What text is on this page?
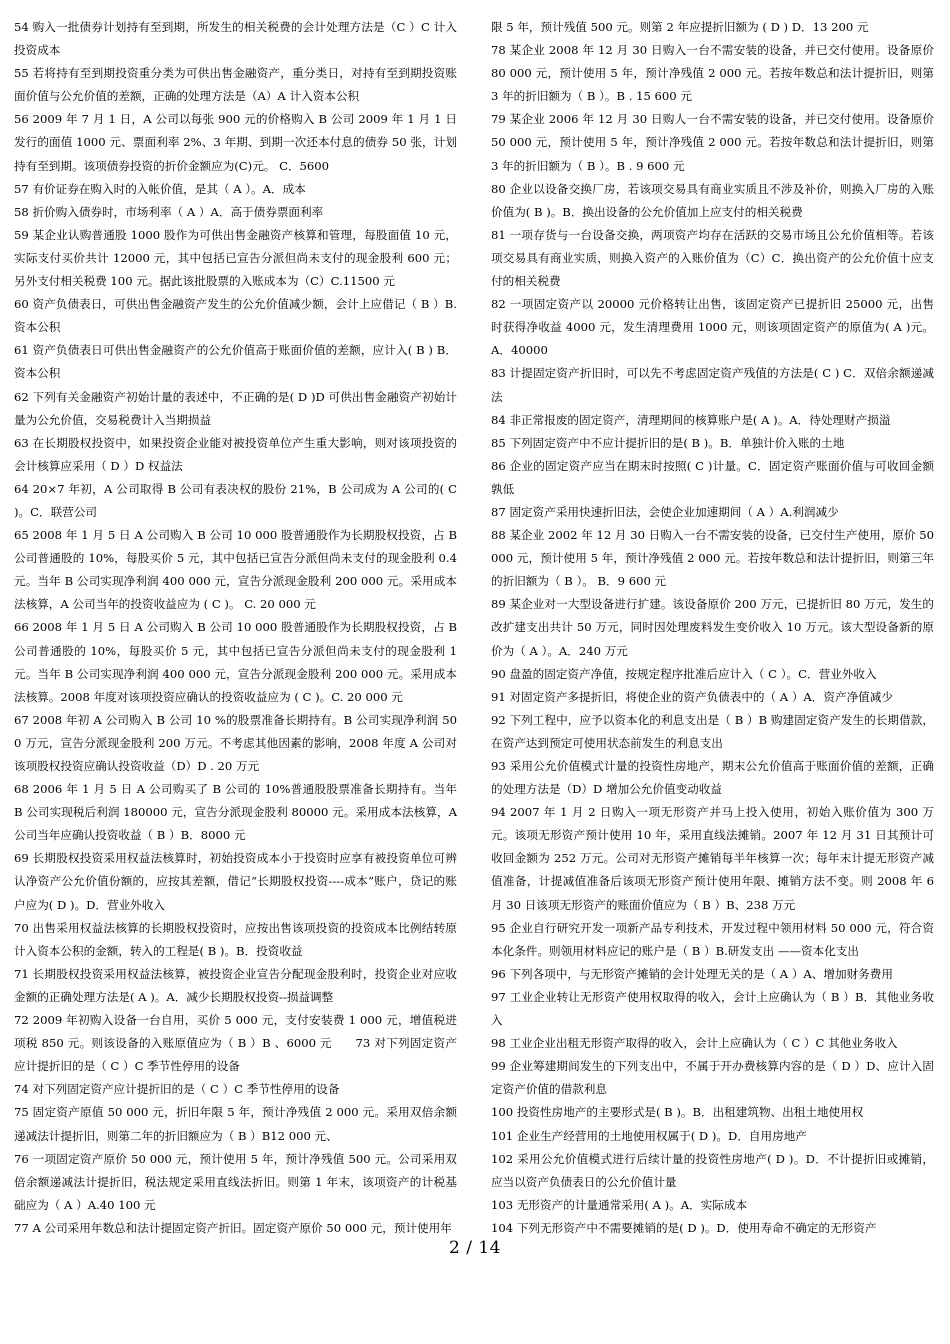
54 购入一批债券计划持有至到期，所发生的相关税费的会计处理方法是（C ）C 计入投资成本

55 若将持有至到期投资重分类为可供出售金融资产，重分类日，对持有至到期投资账面价值与公允价值的差额，正确的处理方法是（A）A 计入资本公积

56 2009 年 7 月 1 日，A 公司以每张 900 元的价格购入 B 公司 2009 年 1 月 1 日发行的面值 1000 元、票面利率 2%、3 年期、到期一次还本付息的债券 50 张，计划持有至到期。该项债券投资的折价金额应为(C)元。 C．5600

57 有价证券在购入时的入帐价值，是其（ A ）。A．成本

58 折价购入债券时，市场利率（ A ）A．高于债券票面利率

59 某企业认购普通股 1000 股作为可供出售金融资产核算和管理，每股面值 10 元，实际支付买价共计 12000 元，其中包括已宣告分派但尚未支付的现金股利 600 元；另外支付相关税费 100 元。据此该批股票的入账成本为（C）C.11500 元

60 资产负债表日，可供出售金融资产发生的公允价值减少额，会计上应借记（ B ）B.资本公积

61 资产负债表日可供出售金融资产的公允价值高于账面价值的差额，应计入( B ) B．资本公积

62 下列有关金融资产初始计量的表述中，不正确的是( D )D 可供出售金融资产初始计量为公允价值，交易税费计入当期损益

63 在长期股权投资中，如果投资企业能对被投资单位产生重大影响，则对该项投资的会计核算应采用（ D ）D 权益法

64 20×7 年初，A 公司取得 B 公司有表决权的股份 21%，B 公司成为 A 公司的( C )。C．联营公司

65 2008 年 1 月 5 日 A 公司购入 B 公司 10 000 股普通股作为长期股权投资，占 B 公司普通股的 10%，每股买价 5 元，其中包括已宣告分派但尚未支付的现金股利 0.4 元。当年 B 公司实现净利润 400 000 元，宣告分派现金股利 200 000 元。采用成本法核算，A 公司当年的投资收益应为 ( C )。 C. 20 000 元

66 2008 年 1 月 5 日 A 公司购入 B 公司 10 000 股普通股作为长期股权投资，占 B 公司普通股的 10%，每股买价 5 元，其中包括已宣告分派但尚未支付的现金股利 1 元。当年 B 公司实现净利润 400 000 元，宣告分派现金股利 200 000 元。采用成本法核算。2008 年度对该项投资应确认的投资收益应为 ( C )。C. 20 000 元

67 2008 年初 A 公司购入 B 公司 10 %的股票准备长期持有。B 公司实现净利润 500 万元，宣告分派现金股利 200 万元。不考虑其他因素的影响，2008 年度 A 公司对该项股权投资应确认投资收益（D）D . 20 万元

68 2006 年 1 月 5 日 A 公司购买了 B 公司的 10%普通股股票准备长期持有。当年 B 公司实现税后利润 180000 元，宣告分派现金股利 80000 元。采用成本法核算，A 公司当年应确认投资收益（ B ）B．8000 元

69 长期股权投资采用权益法核算时，初始投资成本小于投资时应享有被投资单位可辨认净资产公允价值份额的，应按其差额，借记“长期股权投资----成本”账户，贷记的账户应为( D )。D．营业外收入

70 出售采用权益法核算的长期股权投资时，应按出售该项投资的投资成本比例结转原计入资本公积的金额，转入的工程是( B )。B．投资收益

71 长期股权投资采用权益法核算，被投资企业宣告分配现金股利时，投资企业对应收金额的正确处理方法是( A )。A．减少长期股权投资--损益调整

72 2009 年初购入设备一台自用，买价 5 000 元，支付安装费 1 000 元，增值税进项税 850 元。则该设备的入账原值应为（ B ）B 、6000 元　　73 对下列固定资产应计提折旧的是（ C ）C 季节性停用的设备

74 对下列固定资产应计提折旧的是（ C ）C 季节性停用的设备

75 固定资产原值 50 000 元，折旧年限 5 年，预计净残值 2 000 元。采用双倍余额递减法计提折旧，则第二年的折旧额应为（ B ）B12 000 元、

76 一项固定资产原价 50 000 元，预计使用 5 年，预计净残值 500 元。公司采用双倍余额递减法计提折旧，税法规定采用直线法折旧。则第 1 年末，该项资产的计税基础应为（ A ）A.40 100 元

77 A 公司采用年数总和法计提固定资产折旧。固定资产原价 50 000 元，预计使用年

限 5 年，预计残值 500 元。则第 2 年应提折旧额为 ( D ) D．13 200 元

78 某企业 2008 年 12 月 30 日购入一台不需安装的设备，并已交付使用。设备原价 80 000 元，预计使用 5 年，预计净残值 2 000 元。若按年数总和法计提折旧，则第 3 年的折旧额为（ B ）。B . 15 600 元

79 某企业 2006 年 12 月 30 日购人一台不需安装的设备，并已交付使用。设备原价 50 000 元，预计使用 5 年，预计净残值 2 000 元。若按年数总和法计提折旧，则第 3 年的折旧额为（ B ）。B . 9 600 元

80 企业以设备交换厂房，若该项交易具有商业实质且不涉及补价，则换入厂房的入账价值为( B )。B．换出设备的公允价值加上应支付的相关税费

81 一项存货与一台设备交换，两项资产均存在活跃的交易市场且公允价值相等。若该项交易具有商业实质，则换入资产的入账价值为（C）C．换出资产的公允价值十应支付的相关税费

82 一项固定资产以 20000 元价格转让出售，该固定资产已提折旧 25000 元，出售时获得净收益 4000 元，发生清理费用 1000 元，则该项固定资产的原值为( A )元。 A．40000

83 计提固定资产折旧时，可以先不考虑固定资产残值的方法是( C ) C．双倍余额递减法

84 非正常报废的固定资产，清理期间的核算账户是( A )。A．待处理财产损溢

85 下列固定资产中不应计提折旧的是( B )。B．单独计价入账的土地

86 企业的固定资产应当在期末时按照( C )计量。C．固定资产账面价值与可收回金额孰低

87 固定资产采用快速折旧法，会使企业加速期间（ A ）A.利润减少

88 某企业 2002 年 12 月 30 日购入一台不需安装的设备，已交付生产使用，原价 50 000 元，预计使用 5 年，预计净残值 2 000 元。若按年数总和法计提折旧，则第三年的折旧额为（ B ）。 B．9 600 元

89 某企业对一大型设备进行扩建。该设备原价 200 万元，已提折旧 80 万元，发生的改扩建支出共计 50 万元，同时因处理废料发生变价收入 10 万元。该大型设备新的原价为（ A ）。A．240 万元

90 盘盈的固定资产净值，按规定程序批准后应计入（ C ）。C．营业外收入

91 对固定资产多提折旧，将使企业的资产负债表中的（ A ）A．资产净值减少

92 下列工程中，应予以资本化的利息支出是（ B ）B 购建固定资产发生的长期借款，在资产达到预定可使用状态前发生的利息支出

93 采用公允价值模式计量的投资性房地产，期末公允价值高于账面价值的差额，正确的处理方法是（D）D 增加公允价值变动收益

94 2007 年 1 月 2 日购入一项无形资产并马上投入使用，初始入账价值为 300 万元。该项无形资产预计使用 10 年，采用直线法摊销。2007 年 12 月 31 日其预计可收回金额为 252 万元。公司对无形资产摊销每半年核算一次；每年末计提无形资产减值准备，计提减值准备后该项无形资产预计使用年限、摊销方法不变。则 2008 年 6 月 30 日该项无形资产的账面价值应为（ B ）B、238 万元

95 企业自行研究开发一项新产品专利技术，开发过程中领用材料 50 000 元，符合资本化条件。则领用材料应记的账户是（ B ）B.研发支出 ——资本化支出

96 下列各项中，与无形资产摊销的会计处理无关的是（ A ）A、增加财务费用

97 工业企业转让无形资产使用权取得的收入，会计上应确认为（ B ）B．其他业务收入

98 工业企业出租无形资产取得的收入，会计上应确认为（ C ）C 其他业务收入

99 企业筹建期间发生的下列支出中，不属于开办费核算内容的是（ D ）D、应计入固定资产价值的借款利息

100 投资性房地产的主要形式是( B )。B．出租建筑物、出租土地使用权

101 企业生产经营用的土地使用权属于( D )。D．自用房地产

102 采用公允价值模式进行后续计量的投资性房地产( D )。D．不计提折旧或摊销，应当以资产负债表日的公允价值计量

103 无形资产的计量通常采用( A )。A．实际成本

104 下列无形资产中不需要摊销的是( D )。D．使用寿命不确定的无形资产

2 / 14
